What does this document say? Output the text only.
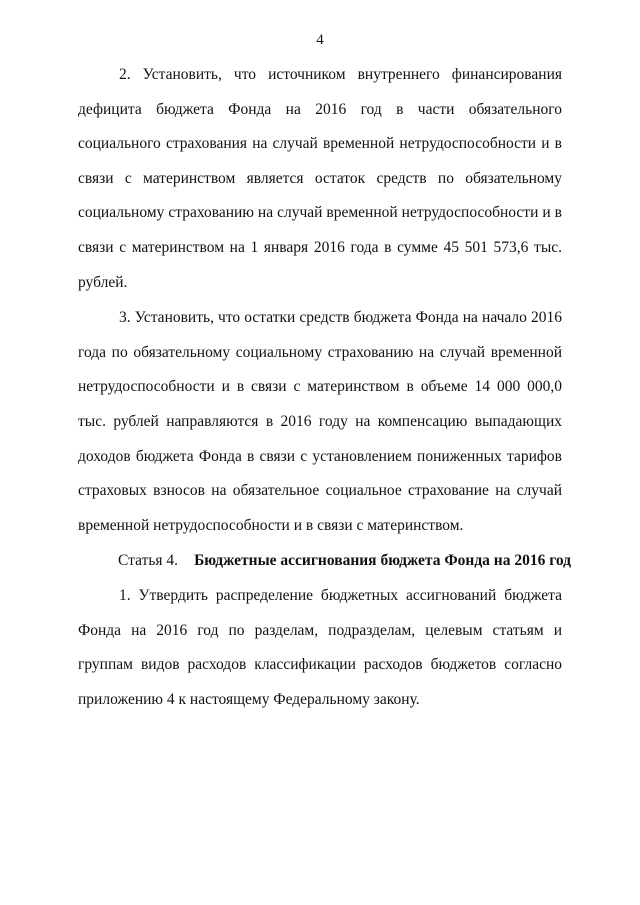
4

2. Установить, что источником внутреннего финансирования дефицита бюджета Фонда на 2016 год в части обязательного социального страхования на случай временной нетрудоспособности и в связи с материнством является остаток средств по обязательному социальному страхованию на случай временной нетрудоспособности и в связи с материнством на 1 января 2016 года в сумме 45 501 573,6 тыс. рублей.

3. Установить, что остатки средств бюджета Фонда на начало 2016 года по обязательному социальному страхованию на случай временной нетрудоспособности и в связи с материнством в объеме 14 000 000,0 тыс. рублей направляются в 2016 году на компенсацию выпадающих доходов бюджета Фонда в связи с установлением пониженных тарифов страховых взносов на обязательное социальное страхование на случай временной нетрудоспособности и в связи с материнством.

Статья 4. Бюджетные ассигнования бюджета Фонда на 2016 год

1. Утвердить распределение бюджетных ассигнований бюджета Фонда на 2016 год по разделам, подразделам, целевым статьям и группам видов расходов классификации расходов бюджетов согласно приложению 4 к настоящему Федеральному закону.
